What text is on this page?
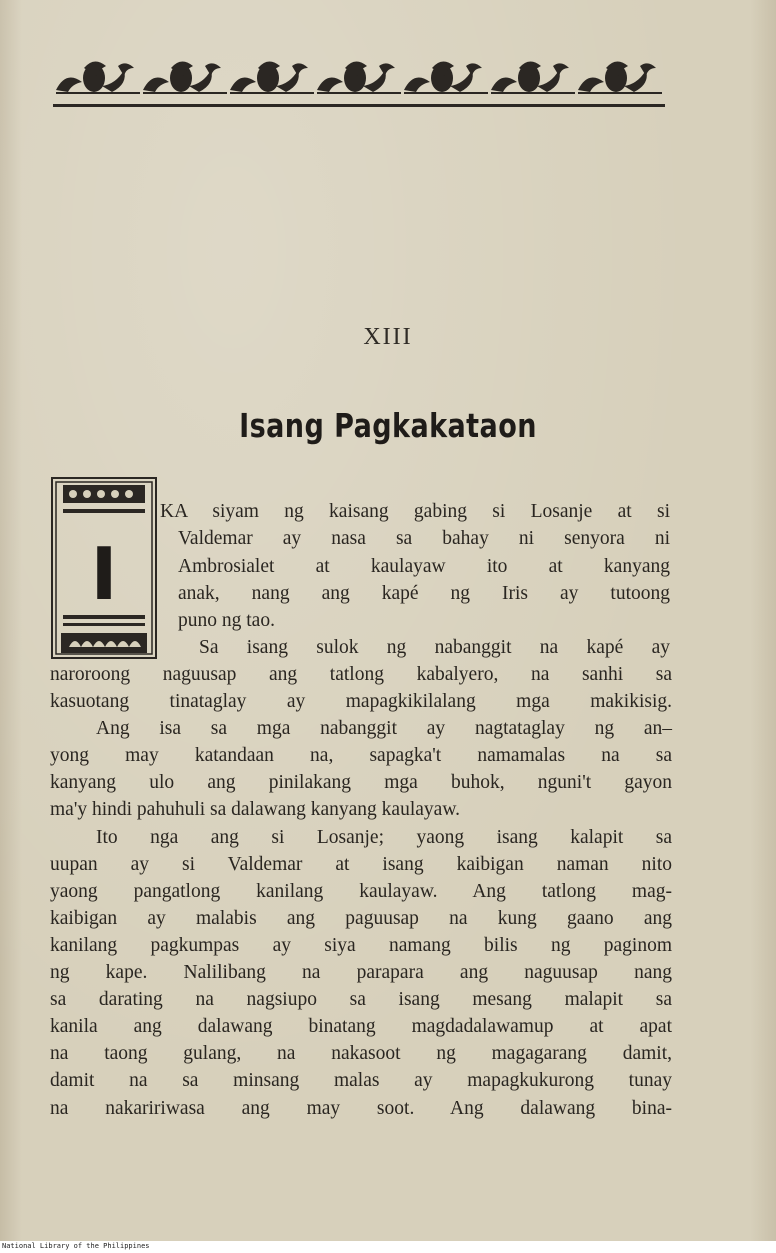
XIII
Isang Pagkakataon
I
KA siyam ng kaisang gabing si Losanje at si
Valdemar ay nasa sa bahay ni senyora ni
Ambrosialet at kaulayaw ito at kanyang
anak, nang ang kapé ng Iris ay tutoong
puno ng tao.
Sa isang sulok ng nabanggit na kapé ay
naroroong naguusap ang tatlong kabalyero, na sanhi sa
kasuotang tinataglay ay mapagkikilalang mga makikisig.
Ang isa sa mga nabanggit ay nagtataglay ng an–
yong may katandaan na, sapagka't namamalas na sa
kanyang ulo ang pinilakang mga buhok, nguni't gayon
ma'y hindi pahuhuli sa dalawang kanyang kaulayaw.
Ito nga ang si Losanje; yaong isang kalapit sa
uupan ay si Valdemar at isang kaibigan naman nito
yaong pangatlong kanilang kaulayaw. Ang tatlong mag-
kaibigan ay malabis ang paguusap na kung gaano ang
kanilang pagkumpas ay siya namang bilis ng paginom
ng kape. Nalilibang na parapara ang naguusap nang
sa darating na nagsiupo sa isang mesang malapit sa
kanila ang dalawang binatang magdadalawamup at apat
na taong gulang, na nakasoot ng magagarang damit,
damit na sa minsang malas ay mapagkukurong tunay
na nakaririwasa ang may soot. Ang dalawang bina-
National Library of the Philippines
